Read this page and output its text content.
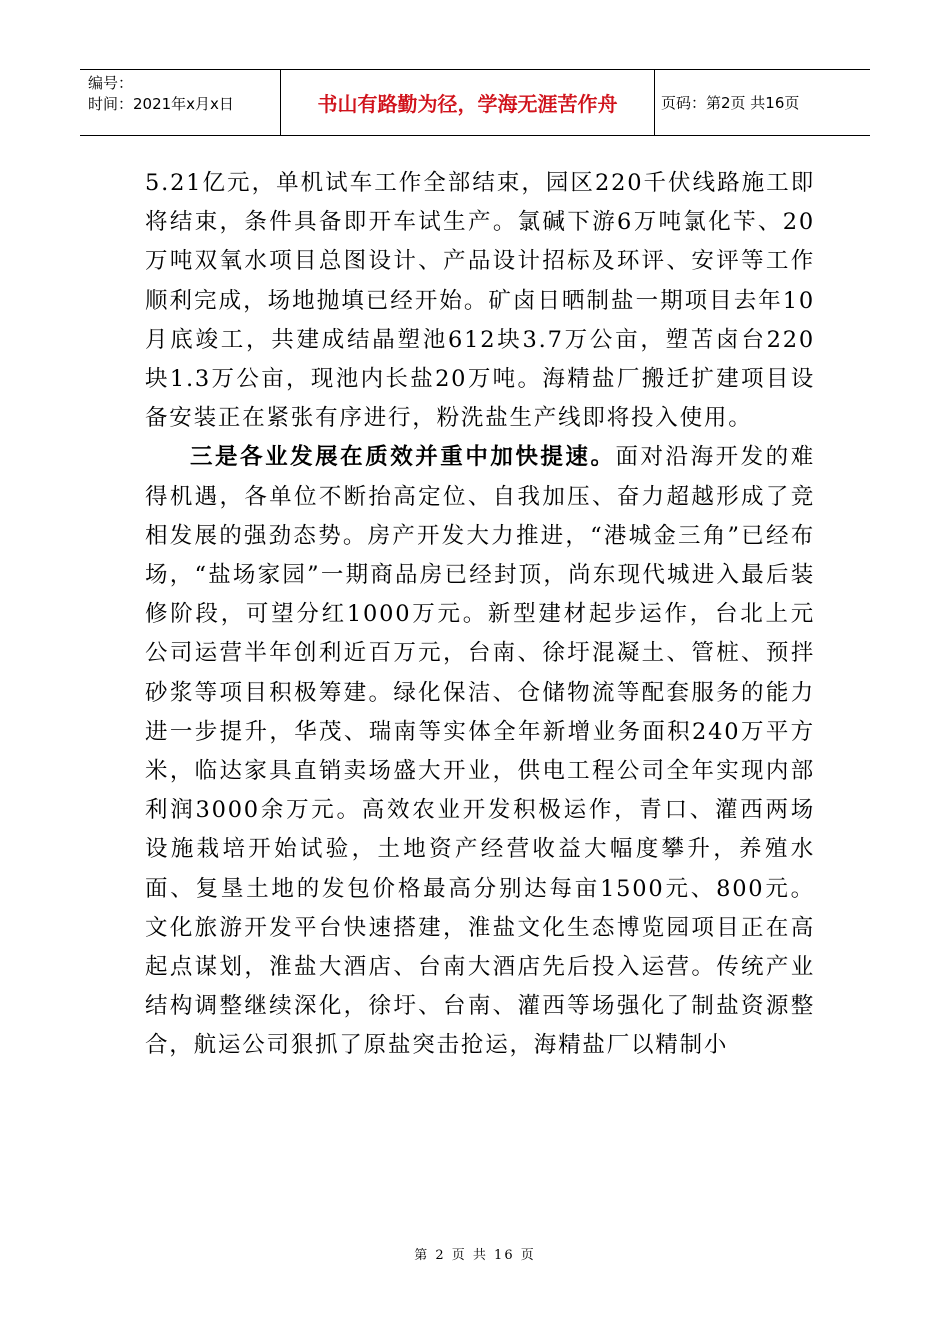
编号：
时间：2021年x月x日	书山有路勤为径，学海无涯苦作舟	页码：第2页 共16页

5.21亿元，单机试车工作全部结束，园区220千伏线路施工即将结束，条件具备即开车试生产。氯碱下游6万吨氯化苄、20万吨双氧水项目总图设计、产品设计招标及环评、安评等工作顺利完成，场地抛填已经开始。矿卤日晒制盐一期项目去年10月底竣工，共建成结晶塑池612块3.7万公亩，塑苫卤台220块1.3万公亩，现池内长盐20万吨。海精盐厂搬迁扩建项目设备安装正在紧张有序进行，粉洗盐生产线即将投入使用。

三是各业发展在质效并重中加快提速。面对沿海开发的难得机遇，各单位不断抬高定位、自我加压、奋力超越形成了竞相发展的强劲态势。房产开发大力推进，“港城金三角”已经布场，“盐场家园”一期商品房已经封顶，尚东现代城进入最后装修阶段，可望分红1000万元。新型建材起步运作，台北上元公司运营半年创利近百万元，台南、徐圩混凝土、管桩、预拌砂浆等项目积极筹建。绿化保洁、仓储物流等配套服务的能力进一步提升，华茂、瑞南等实体全年新增业务面积240万平方米，临达家具直销卖场盛大开业，供电工程公司全年实现内部利润3000余万元。高效农业开发积极运作，青口、灌西两场设施栽培开始试验，土地资产经营收益大幅度攀升，养殖水面、复垦土地的发包价格最高分别达每亩1500元、800元。文化旅游开发平台快速搭建，淮盐文化生态博览园项目正在高起点谋划，淮盐大酒店、台南大酒店先后投入运营。传统产业结构调整继续深化，徐圩、台南、灌西等场强化了制盐资源整合，航运公司狠抓了原盐突击抢运，海精盐厂以精制小

第 2 页 共 16 页
